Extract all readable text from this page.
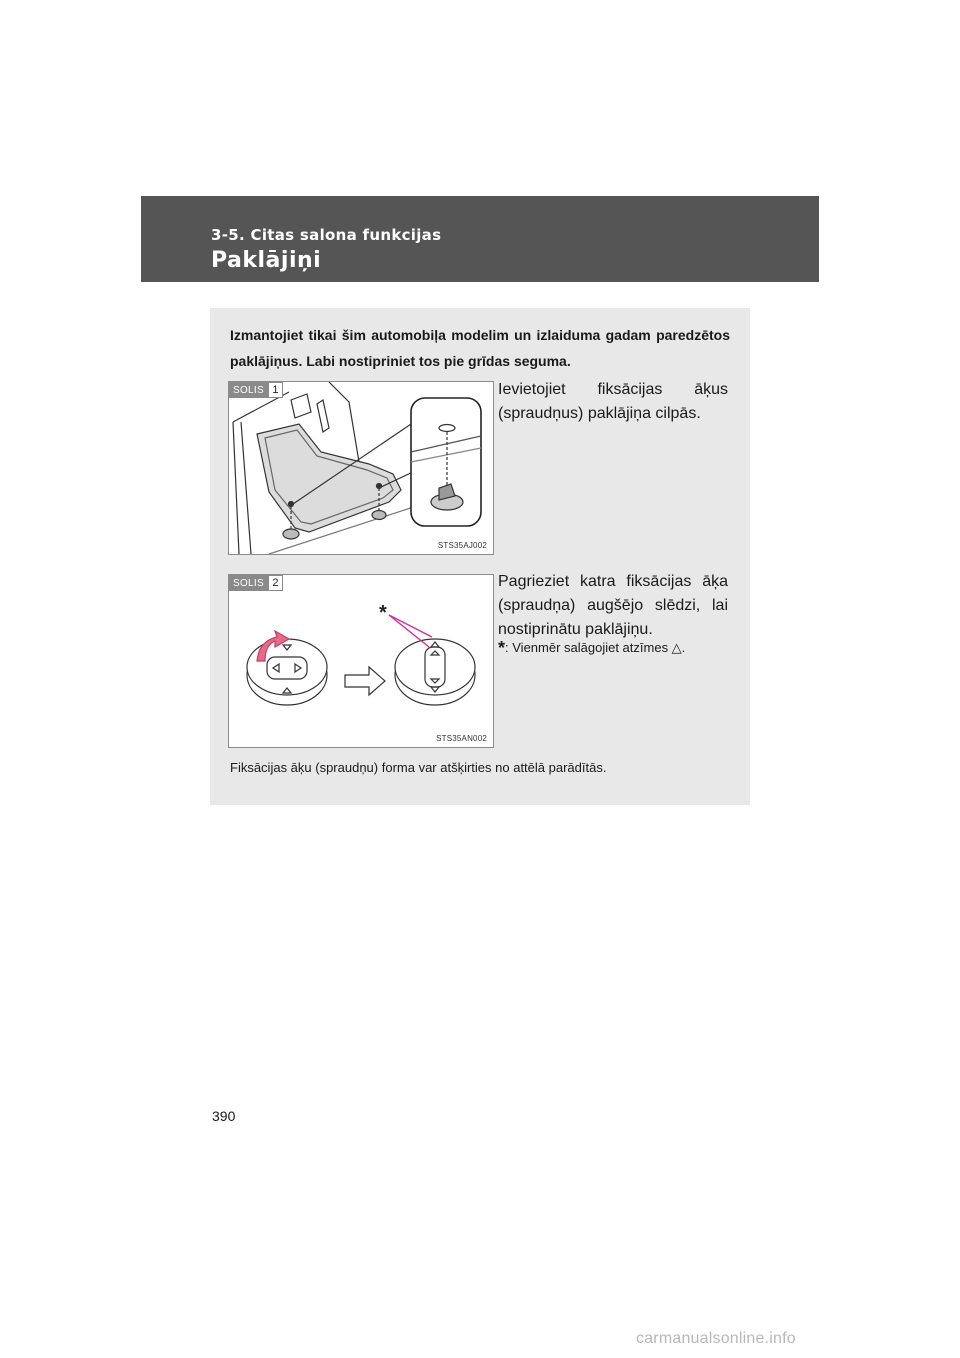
3-5. Citas salona funkcijas
Paklājiņi
Izmantojiet tikai šim automobiļa modelim un izlaiduma gadam paredzētos paklājiņus. Labi nostipriniet tos pie grīdas seguma.
SOLIS 1
STS35AJ002
Ievietojiet fiksācijas āķus (spraudņus) paklājiņa cilpās.
*
SOLIS 2
STS35AN002
Pagrieziet katra fiksācijas āķa (spraudņa) augšējo slēdzi, lai nostiprinātu paklājiņu.
*: Vienmēr salāgojiet atzīmes △.
Fiksācijas āķu (spraudņu) forma var atšķirties no attēlā parādītās.
390
carmanualsonline.info
